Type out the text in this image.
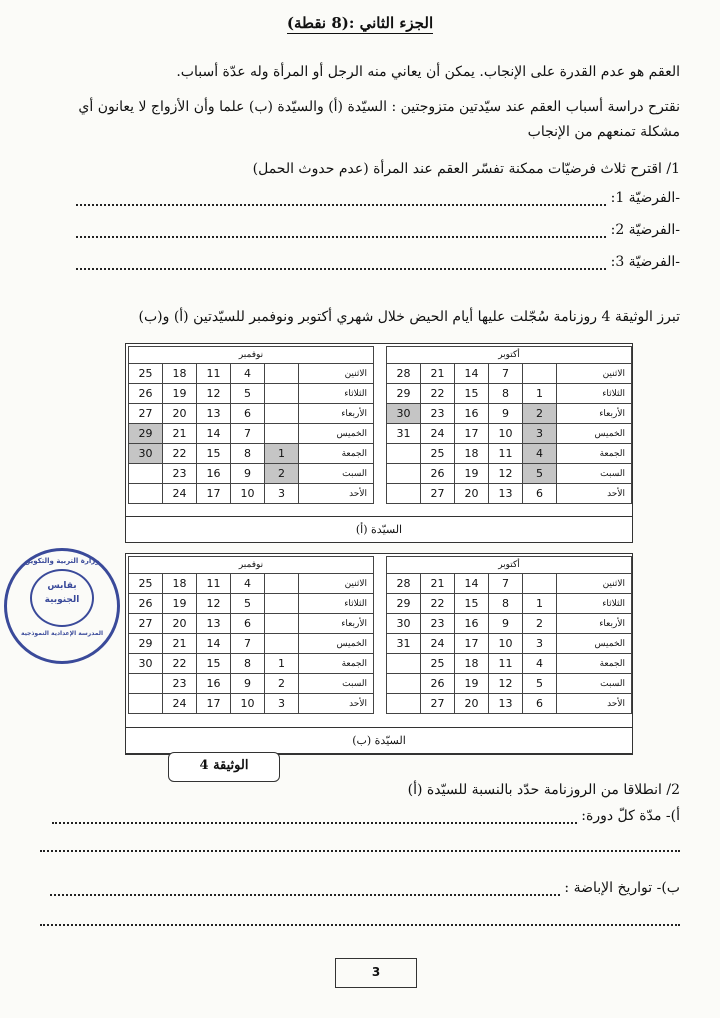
الجزء الثاني :(8 نقطة)
العقم هو عدم القدرة على الإنجاب. يمكن أن يعاني منه الرجل أو المرأة وله عدّة أسباب.
نقترح دراسة أسباب العقم عند سيّدتين متزوجتين : السيّدة (أ) والسيّدة (ب) علما وأن الأزواج لا يعانون أي
مشكلة تمنعهم من الإنجاب
1/ اقترح ثلاث فرضيّات ممكنة تفسّر العقم عند المرأة (عدم حدوث الحمل)
-الفرضيّة 1:
-الفرضيّة 2:
-الفرضيّة 3:
تبرز الوثيقة 4 روزنامة سُجّلت عليها أيام الحيض خلال شهري أكتوبر ونوفمبر للسيّدتين (أ) و(ب)
أكتوبر					
الاثنين		7	14	21	28
الثلاثاء	1	8	15	22	29
الأربعاء	2	9	16	23	30
الخميس	3	10	17	24	31
الجمعة	4	11	18	25	
السبت	5	12	19	26	
الأحد	6	13	20	27	
نوفمبر					
الاثنين		4	11	18	25
الثلاثاء		5	12	19	26
الأربعاء		6	13	20	27
الخميس		7	14	21	29
الجمعة	1	8	15	22	30
السبت	2	9	16	23	
الأحد	3	10	17	24	
السيّدة (أ)
أكتوبر					
الاثنين		7	14	21	28
الثلاثاء	1	8	15	22	29
الأربعاء	2	9	16	23	30
الخميس	3	10	17	24	31
الجمعة	4	11	18	25	
السبت	5	12	19	26	
الأحد	6	13	20	27	
نوفمبر					
الاثنين		4	11	18	25
الثلاثاء		5	12	19	26
الأربعاء		6	13	20	27
الخميس		7	14	21	29
الجمعة	1	8	15	22	30
السبت	2	9	16	23	
الأحد	3	10	17	24	
السيّدة (ب)
الوثيقة 4
وزارة التربية والتكوين
بقابس
الجنوبية
المدرسة الإعدادية النموذجية
2/ انطلاقا من الروزنامة حدّد بالنسبة للسيّدة (أ)
أ)- مدّة كلّ دورة:
ب)- تواريخ الإباضة :
3
